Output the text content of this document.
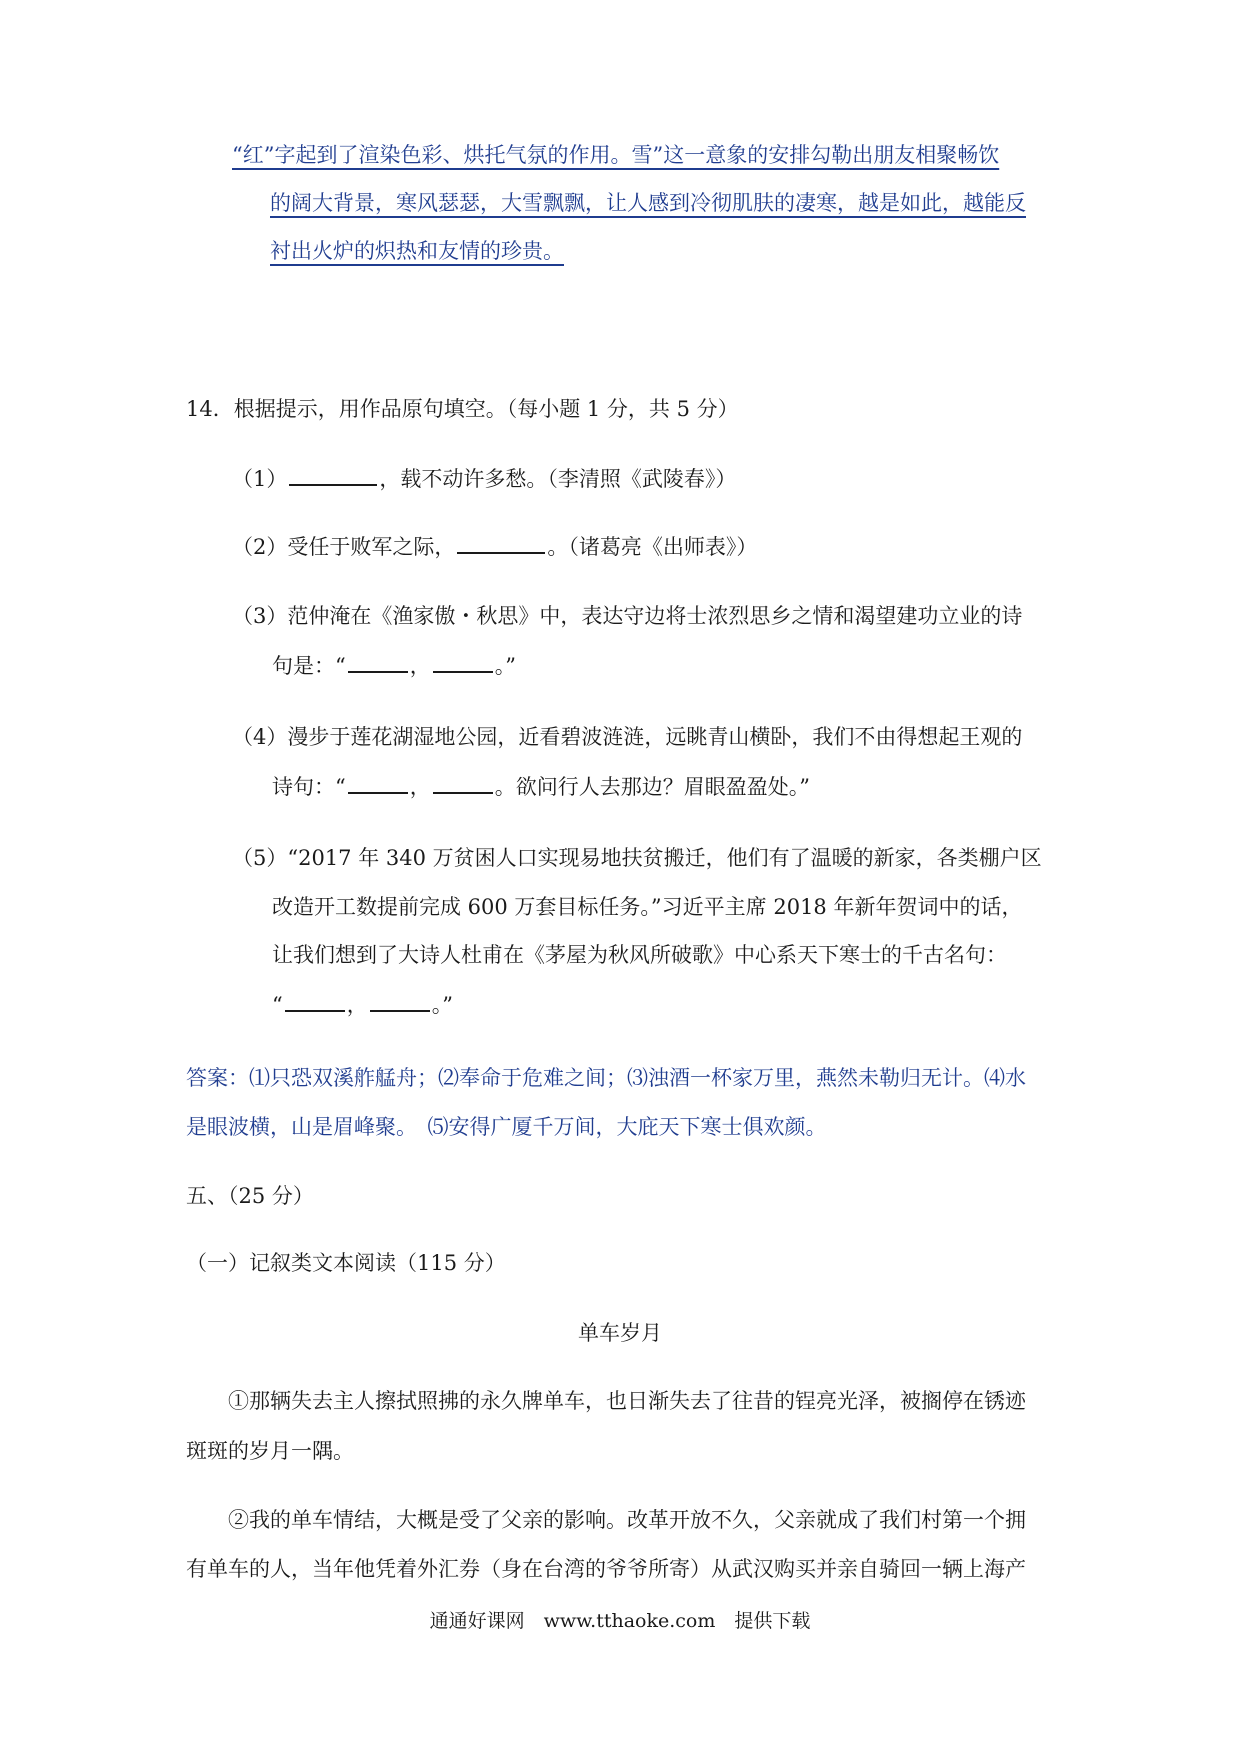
“红”字起到了渲染色彩、烘托气氛的作用。雪”这一意象的安排勾勒出朋友相聚畅饮
的阔大背景，寒风瑟瑟，大雪飘飘，让人感到冷彻肌肤的凄寒，越是如此，越能反
衬出火炉的炽热和友情的珍贵。
14．根据提示，用作品原句填空。（每小题 1 分，共 5 分）
（1）	，载不动许多愁。（李清照《武陵春》）
（2）受任于败军之际，	。（诸葛亮《出师表》）
（3）范仲淹在《渔家傲・秋思》中，表达守边将士浓烈思乡之情和渴望建功立业的诗
句是：“	，	。”
（4）漫步于莲花湖湿地公园，近看碧波涟涟，远眺青山横卧，我们不由得想起王观的
诗句：“	，	。欲问行人去那边？眉眼盈盈处。”
（5）“2017 年 340 万贫困人口实现易地扶贫搬迁，他们有了温暖的新家，各类棚户区
改造开工数提前完成 600 万套目标任务。”习近平主席 2018 年新年贺词中的话，
让我们想到了大诗人杜甫在《茅屋为秋风所破歌》中心系天下寒士的千古名句：
“	，	。”
答案：⑴只恐双溪舴艋舟；⑵奉命于危难之间；⑶浊酒一杯家万里，燕然未勒归无计。⑷水
是眼波横，山是眉峰聚。　⑸安得广厦千万间，大庇天下寒士俱欢颜。
五、（25 分）
（一）记叙类文本阅读（115 分）
单车岁月
①那辆失去主人擦拭照拂的永久牌单车，也日渐失去了往昔的锃亮光泽，被搁停在锈迹
斑斑的岁月一隅。
②我的单车情结，大概是受了父亲的影响。改革开放不久，父亲就成了我们村第一个拥
有单车的人，当年他凭着外汇券（身在台湾的爷爷所寄）从武汉购买并亲自骑回一辆上海产
通通好课网　www.tthaoke.com　提供下载
